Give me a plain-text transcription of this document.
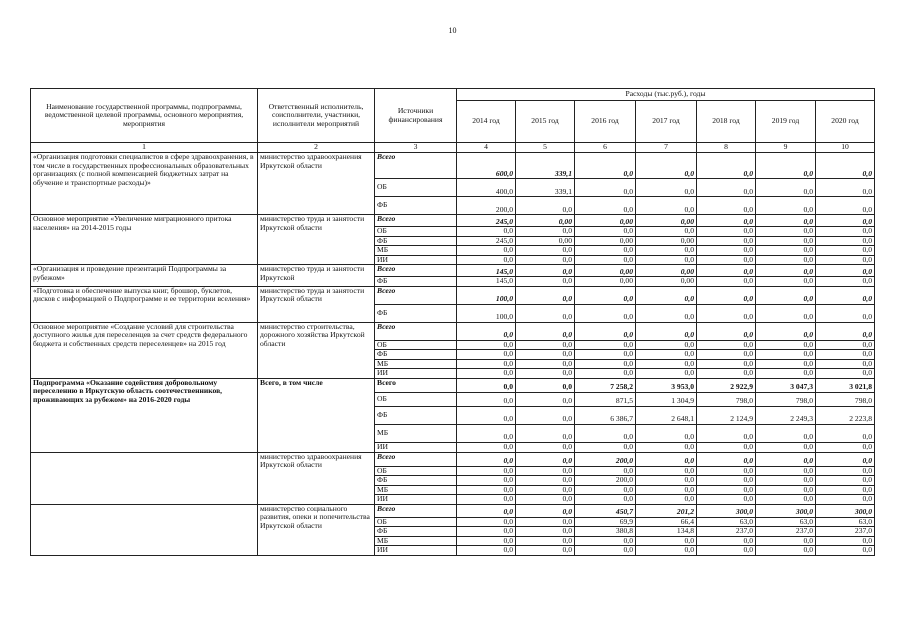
10
Наименование государственной программы, подпрограммы, ведомственной целевой программы, основного мероприятия, мероприятия	Ответственный исполнитель, соисполнители, участники, исполнители мероприятий	Источники финансирования	Расходы (тыс.руб.), годы						
			2014 год	2015 год	2016 год	2017 год	2018 год	2019 год	2020 год
1	2	3	4	5	6	7	8	9	10
«Организация подготовки специалистов в сфере здравоохранения, в том числе в государственных профессиональных образовательных организациях (с полной компенсацией бюджетных затрат на обучение и транспортные расходы)»	министерство здравоохранения Иркутской области	Всего	600,0	339,1	0,0	0,0	0,0	0,0	0,0
		ОБ	400,0	339,1	0,0	0,0	0,0	0,0	0,0
		ФБ	200,0	0,0	0,0	0,0	0,0	0,0	0,0
Основное мероприятие «Увеличение миграционного притока населения» на 2014-2015 годы	министерство труда и занятости Иркутской области	Всего	245,0	0,00	0,00	0,00	0,0	0,0	0,0
		ОБ	0,0	0,0	0,0	0,0	0,0	0,0	0,0
		ФБ	245,0	0,00	0,00	0,00	0,0	0,0	0,0
		МБ	0,0	0,0	0,0	0,0	0,0	0,0	0,0
		ИИ	0,0	0,0	0,0	0,0	0,0	0,0	0,0
«Организация и проведение презентаций Подпрограммы за рубежом»	министерство труда и занятости Иркутской	Всего	145,0	0,0	0,00	0,00	0,0	0,0	0,0
		ФБ	145,0	0,0	0,00	0,00	0,0	0,0	0,0
«Подготовка и обеспечение выпуска книг, брошюр, буклетов, дисков с информацией о Подпрограмме и ее территории вселения»	министерство труда и занятости Иркутской области	Всего	100,0	0,0	0,0	0,0	0,0	0,0	0,0
		ФБ	100,0	0,0	0,0	0,0	0,0	0,0	0,0
Основное мероприятие «Создание условий для строительства доступного жилья для переселенцев за счет средств федерального бюджета и собственных средств переселенцев» на 2015 год	министерство строительства, дорожного хозяйства Иркутской области	Всего	0,0	0,0	0,0	0,0	0,0	0,0	0,0
		ОБ	0,0	0,0	0,0	0,0	0,0	0,0	0,0
		ФБ	0,0	0,0	0,0	0,0	0,0	0,0	0,0
		МБ	0,0	0,0	0,0	0,0	0,0	0,0	0,0
		ИИ	0,0	0,0	0,0	0,0	0,0	0,0	0,0
Подпрограмма «Оказание содействия добровольному переселению в Иркутскую область соотечественников, проживающих за рубежом» на 2016-2020 годы	Всего, в том числе	Всего	0,0	0,0	7 258,2	3 953,0	2 922,9	3 047,3	3 021,8
		ОБ	0,0	0,0	871,5	1 304,9	798,0	798,0	798,0
		ФБ	0,0	0,0	6 386,7	2 648,1	2 124,9	2 249,3	2 223,8
		МБ	0,0	0,0	0,0	0,0	0,0	0,0	0,0
		ИИ	0,0	0,0	0,0	0,0	0,0	0,0	0,0
	министерство здравоохранения Иркутской области	Всего	0,0	0,0	200,0	0,0	0,0	0,0	0,0
		ОБ	0,0	0,0	0,0	0,0	0,0	0,0	0,0
		ФБ	0,0	0,0	200,0	0,0	0,0	0,0	0,0
		МБ	0,0	0,0	0,0	0,0	0,0	0,0	0,0
		ИИ	0,0	0,0	0,0	0,0	0,0	0,0	0,0
	министерство социального развития, опеки и попечительства Иркутской области	Всего	0,0	0,0	450,7	201,2	300,0	300,0	300,0
		ОБ	0,0	0,0	69,9	66,4	63,0	63,0	63,0
		ФБ	0,0	0,0	380,8	134,8	237,0	237,0	237,0
		МБ	0,0	0,0	0,0	0,0	0,0	0,0	0,0
		ИИ	0,0	0,0	0,0	0,0	0,0	0,0	0,0
